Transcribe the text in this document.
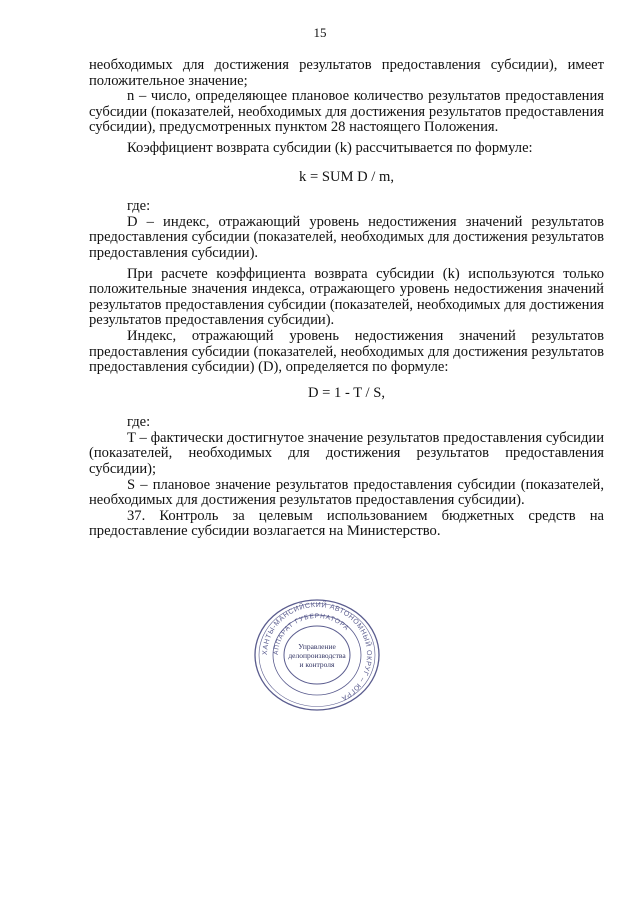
15

необходимых для достижения результатов предоставления субсидии), имеет положительное значение;

n – число, определяющее плановое количество результатов предоставления субсидии (показателей, необходимых для достижения результатов предоставления субсидии), предусмотренных пунктом 28 настоящего Положения.

Коэффициент возврата субсидии (k) рассчитывается по формуле:

k = SUM D / m,

где:

D – индекс, отражающий уровень недостижения значений результатов предоставления субсидии (показателей, необходимых для достижения результатов предоставления субсидии).

При расчете коэффициента возврата субсидии (k) используются только положительные значения индекса, отражающего уровень недостижения значений результатов предоставления субсидии (показателей, необходимых для достижения результатов предоставления субсидии).

Индекс, отражающий уровень недостижения значений результатов предоставления субсидии (показателей, необходимых для достижения результатов предоставления субсидии) (D), определяется по формуле:

D = 1 - T / S,

где:

T – фактически достигнутое значение результатов предоставления субсидии (показателей, необходимых для достижения результатов предоставления субсидии);

S – плановое значение результатов предоставления субсидии (показателей, необходимых для достижения результатов предоставления субсидии).

37. Контроль за целевым использованием бюджетных средств на предоставление субсидии возлагается на Министерство.

ХАНТЫ-МАНСИЙСКИЙ АВТОНОМНЫЙ ОКРУГ – ЮГРА
АППАРАТ ГУБЕРНАТОРА
Управление
делопроизводства
и контроля
